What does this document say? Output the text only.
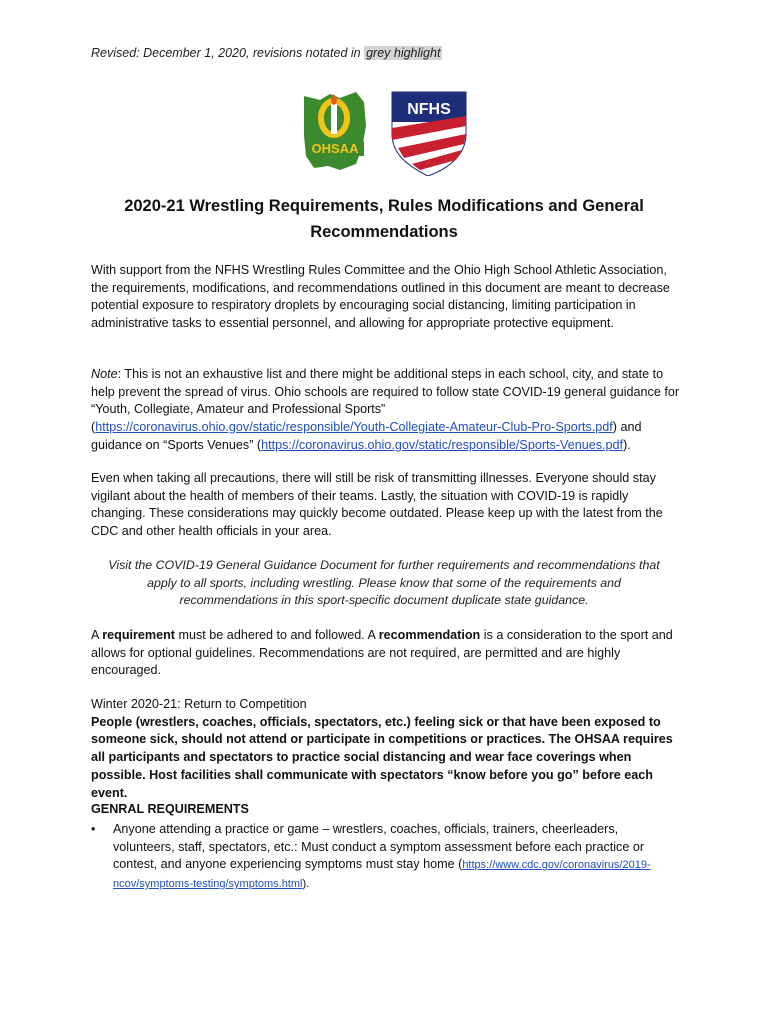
Revised: December 1, 2020, revisions notated in grey highlight
OHSAA
NFHS
2020-21 Wrestling Requirements, Rules Modifications and General
Recommendations
With support from the NFHS Wrestling Rules Committee and the Ohio High School Athletic Association, the requirements, modifications, and recommendations outlined in this document are meant to decrease potential exposure to respiratory droplets by encouraging social distancing, limiting participation in administrative tasks to essential personnel, and allowing for appropriate protective equipment.
Note: This is not an exhaustive list and there might be additional steps in each school, city, and state to help prevent the spread of virus. Ohio schools are required to follow state COVID-19 general guidance for “Youth, Collegiate, Amateur and Professional Sports” (https://coronavirus.ohio.gov/static/responsible/Youth-Collegiate-Amateur-Club-Pro-Sports.pdf) and guidance on “Sports Venues” (https://coronavirus.ohio.gov/static/responsible/Sports-Venues.pdf).
Even when taking all precautions, there will still be risk of transmitting illnesses. Everyone should stay vigilant about the health of members of their teams. Lastly, the situation with COVID-19 is rapidly changing. These considerations may quickly become outdated. Please keep up with the latest from the CDC and other health officials in your area.
Visit the COVID-19 General Guidance Document for further requirements and recommendations that
apply to all sports, including wrestling. Please know that some of the requirements and
recommendations in this sport-specific document duplicate state guidance.
A requirement must be adhered to and followed. A recommendation is a consideration to the sport and allows for optional guidelines. Recommendations are not required, are permitted and are highly encouraged.
Winter 2020-21: Return to Competition
People (wrestlers, coaches, officials, spectators, etc.) feeling sick or that have been exposed to someone sick, should not attend or participate in competitions or practices. The OHSAA requires all participants and spectators to practice social distancing and wear face coverings when possible. Host facilities shall communicate with spectators “know before you go” before each event.
GENRAL REQUIREMENTS
• Anyone attending a practice or game – wrestlers, coaches, officials, trainers, cheerleaders, volunteers, staff, spectators, etc.: Must conduct a symptom assessment before each practice or contest, and anyone experiencing symptoms must stay home (https://www.cdc.gov/coronavirus/2019-ncov/symptoms-testing/symptoms.html).
